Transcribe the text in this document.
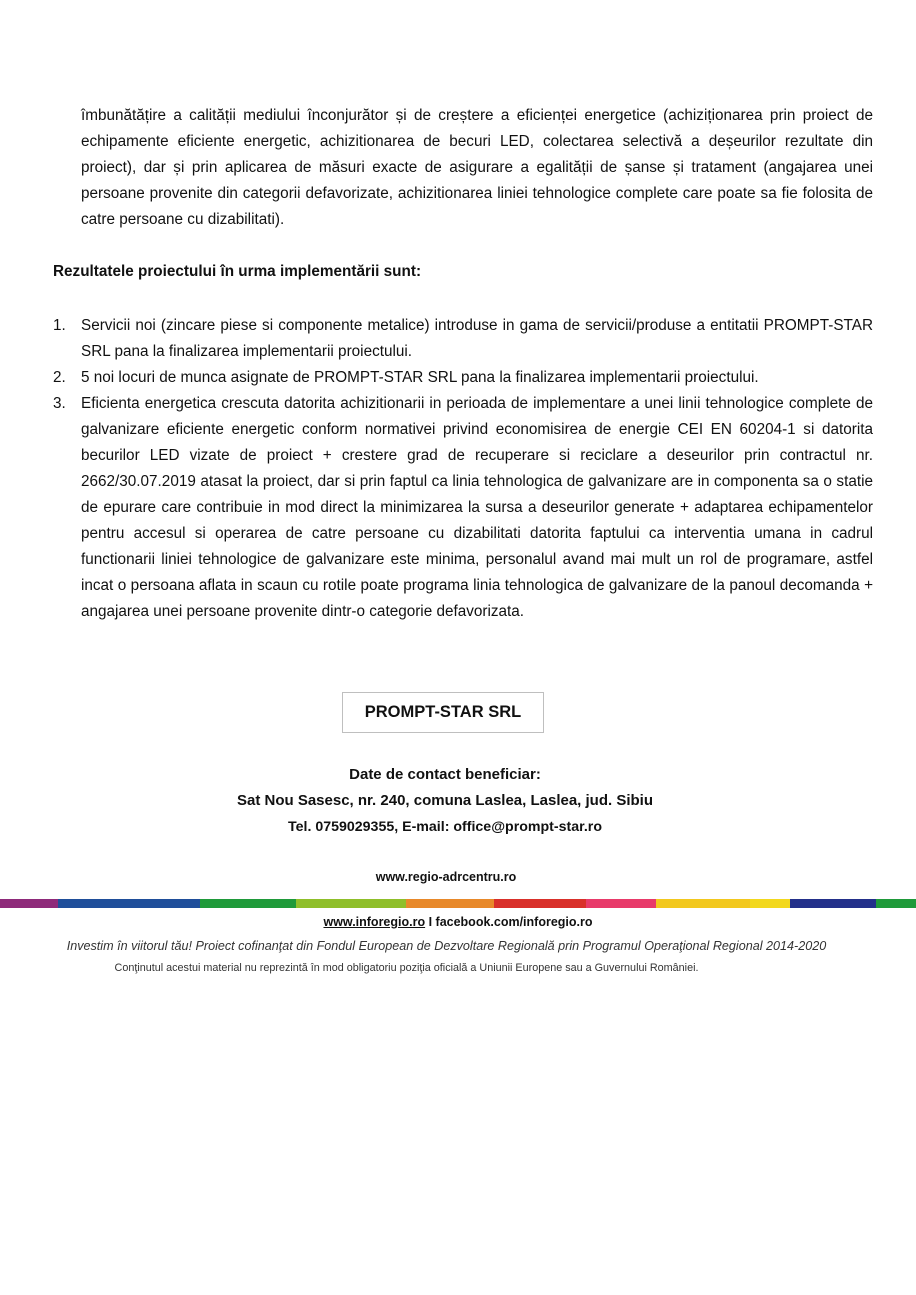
îmbunătățire a calității mediului înconjurător și de creștere a eficienței energetice (achiziționarea prin proiect de echipamente eficiente energetic, achizitionarea de becuri LED, colectarea selectivă a deșeurilor rezultate din proiect), dar și prin aplicarea de măsuri exacte de asigurare a egalității de șanse și tratament (angajarea unei persoane provenite din categorii defavorizate, achizitionarea liniei tehnologice complete care poate sa fie folosita de catre persoane cu dizabilitati).

Rezultatele proiectului în urma implementării sunt:

1. Servicii noi (zincare piese si componente metalice) introduse in gama de servicii/produse a entitatii PROMPT-STAR SRL pana la finalizarea implementarii proiectului.
2. 5 noi locuri de munca asignate de PROMPT-STAR SRL pana la finalizarea implementarii proiectului.
3. Eficienta energetica crescuta datorita achizitionarii in perioada de implementare a unei linii tehnologice complete de galvanizare eficiente energetic conform normativei privind economisirea de energie CEI EN 60204-1 si datorita becurilor LED vizate de proiect + crestere grad de recuperare si reciclare a deseurilor prin contractul nr. 2662/30.07.2019 atasat la proiect, dar si prin faptul ca linia tehnologica de galvanizare are in componenta sa o statie de epurare care contribuie in mod direct la minimizarea la sursa a deseurilor generate + adaptarea echipamentelor pentru accesul si operarea de catre persoane cu dizabilitati datorita faptului ca interventia umana in cadrul functionarii liniei tehnologice de galvanizare este minima, personalul avand mai mult un rol de programare, astfel incat o persoana aflata in scaun cu rotile poate programa linia tehnologica de galvanizare de la panoul decomanda + angajarea unei persoane provenite dintr-o categorie defavorizata.
PROMPT-STAR SRL
Date de contact beneficiar:
Sat Nou Sasesc, nr. 240, comuna Laslea, Laslea, jud. Sibiu
Tel. 0759029355, E-mail: office@prompt-star.ro
www.regio-adrcentru.ro
www.inforegio.ro I facebook.com/inforegio.ro
Investim în viitorul tău! Proiect cofinanţat din Fondul European de Dezvoltare Regională prin Programul Operaţional Regional 2014-2020
Conţinutul acestui material nu reprezintă în mod obligatoriu poziţia oficială a Uniunii Europene sau a Guvernului României.
